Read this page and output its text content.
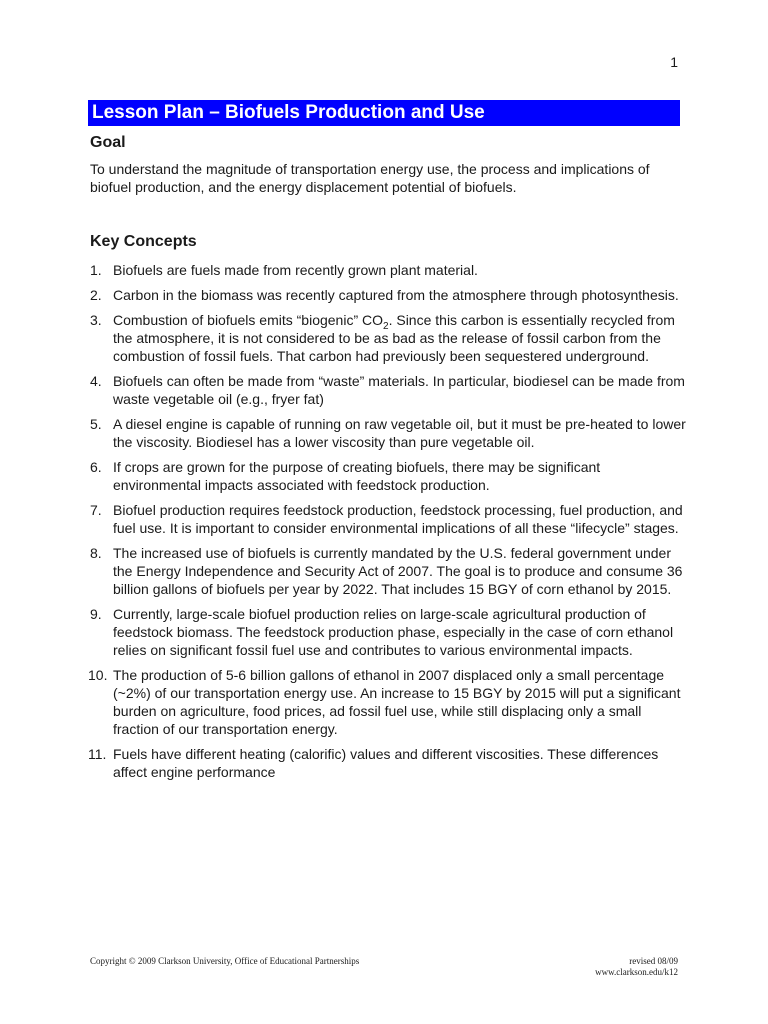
1
Lesson Plan – Biofuels Production and Use
Goal
To understand the magnitude of transportation energy use, the process and implications of biofuel production, and the energy displacement potential of biofuels.
Key Concepts
1. Biofuels are fuels made from recently grown plant material.
2. Carbon in the biomass was recently captured from the atmosphere through photosynthesis.
3. Combustion of biofuels emits “biogenic” $CO_2$. Since this carbon is essentially recycled from the atmosphere, it is not considered to be as bad as the release of fossil carbon from the combustion of fossil fuels. That carbon had previously been sequestered underground.
4. Biofuels can often be made from “waste” materials. In particular, biodiesel can be made from waste vegetable oil (e.g., fryer fat)
5. A diesel engine is capable of running on raw vegetable oil, but it must be pre-heated to lower the viscosity. Biodiesel has a lower viscosity than pure vegetable oil.
6. If crops are grown for the purpose of creating biofuels, there may be significant environmental impacts associated with feedstock production.
7. Biofuel production requires feedstock production, feedstock processing, fuel production, and fuel use. It is important to consider environmental implications of all these “lifecycle” stages.
8. The increased use of biofuels is currently mandated by the U.S. federal government under the Energy Independence and Security Act of 2007. The goal is to produce and consume 36 billion gallons of biofuels per year by 2022. That includes 15 BGY of corn ethanol by 2015.
9. Currently, large-scale biofuel production relies on large-scale agricultural production of feedstock biomass. The feedstock production phase, especially in the case of corn ethanol relies on significant fossil fuel use and contributes to various environmental impacts.
10. The production of 5-6 billion gallons of ethanol in 2007 displaced only a small percentage (~2%) of our transportation energy use. An increase to 15 BGY by 2015 will put a significant burden on agriculture, food prices, ad fossil fuel use, while still displacing only a small fraction of our transportation energy.
11. Fuels have different heating (calorific) values and different viscosities. These differences affect engine performance
Copyright © 2009 Clarkson University, Office of Educational Partnerships	revised 08/09
www.clarkson.edu/k12
